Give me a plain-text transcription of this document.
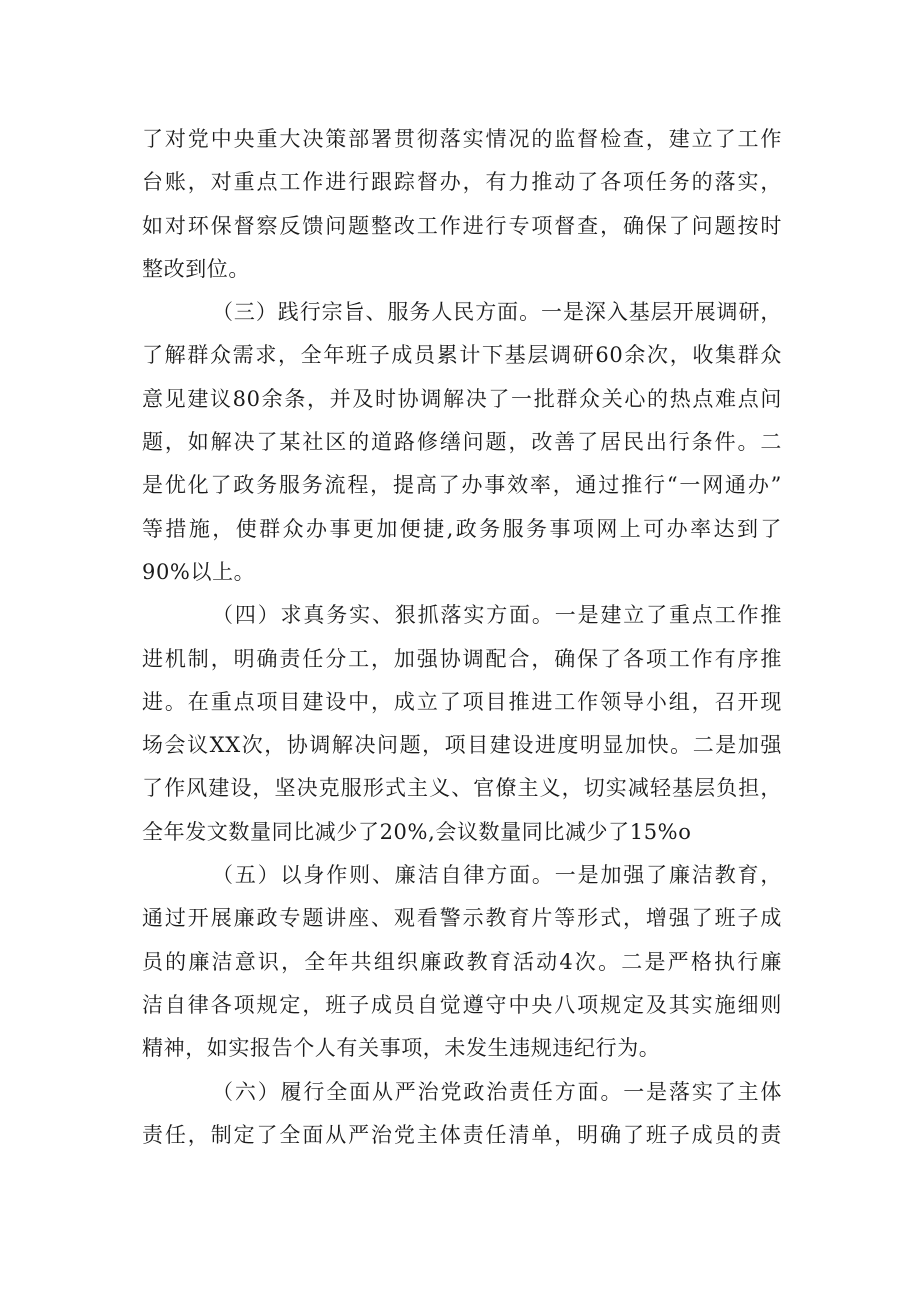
了对党中央重大决策部署贯彻落实情况的监督检查，建立了工作
台账，对重点工作进行跟踪督办，有力推动了各项任务的落实，
如对环保督察反馈问题整改工作进行专项督查，确保了问题按时
整改到位。
（三）践行宗旨、服务人民方面。一是深入基层开展调研，
了解群众需求，全年班子成员累计下基层调研60余次，收集群众
意见建议80余条，并及时协调解决了一批群众关心的热点难点问
题，如解决了某社区的道路修缮问题，改善了居民出行条件。二
是优化了政务服务流程，提高了办事效率，通过推行“一网通办”
等措施，使群众办事更加便捷,政务服务事项网上可办率达到了
90%以上。
（四）求真务实、狠抓落实方面。一是建立了重点工作推
进机制，明确责任分工，加强协调配合，确保了各项工作有序推
进。在重点项目建设中，成立了项目推进工作领导小组，召开现
场会议XX次，协调解决问题，项目建设进度明显加快。二是加强
了作风建设，坚决克服形式主义、官僚主义，切实减轻基层负担，
全年发文数量同比减少了20%,会议数量同比减少了15%o
（五）以身作则、廉洁自律方面。一是加强了廉洁教育，
通过开展廉政专题讲座、观看警示教育片等形式，增强了班子成
员的廉洁意识，全年共组织廉政教育活动4次。二是严格执行廉
洁自律各项规定，班子成员自觉遵守中央八项规定及其实施细则
精神，如实报告个人有关事项，未发生违规违纪行为。
（六）履行全面从严治党政治责任方面。一是落实了主体
责任，制定了全面从严治党主体责任清单，明确了班子成员的责
